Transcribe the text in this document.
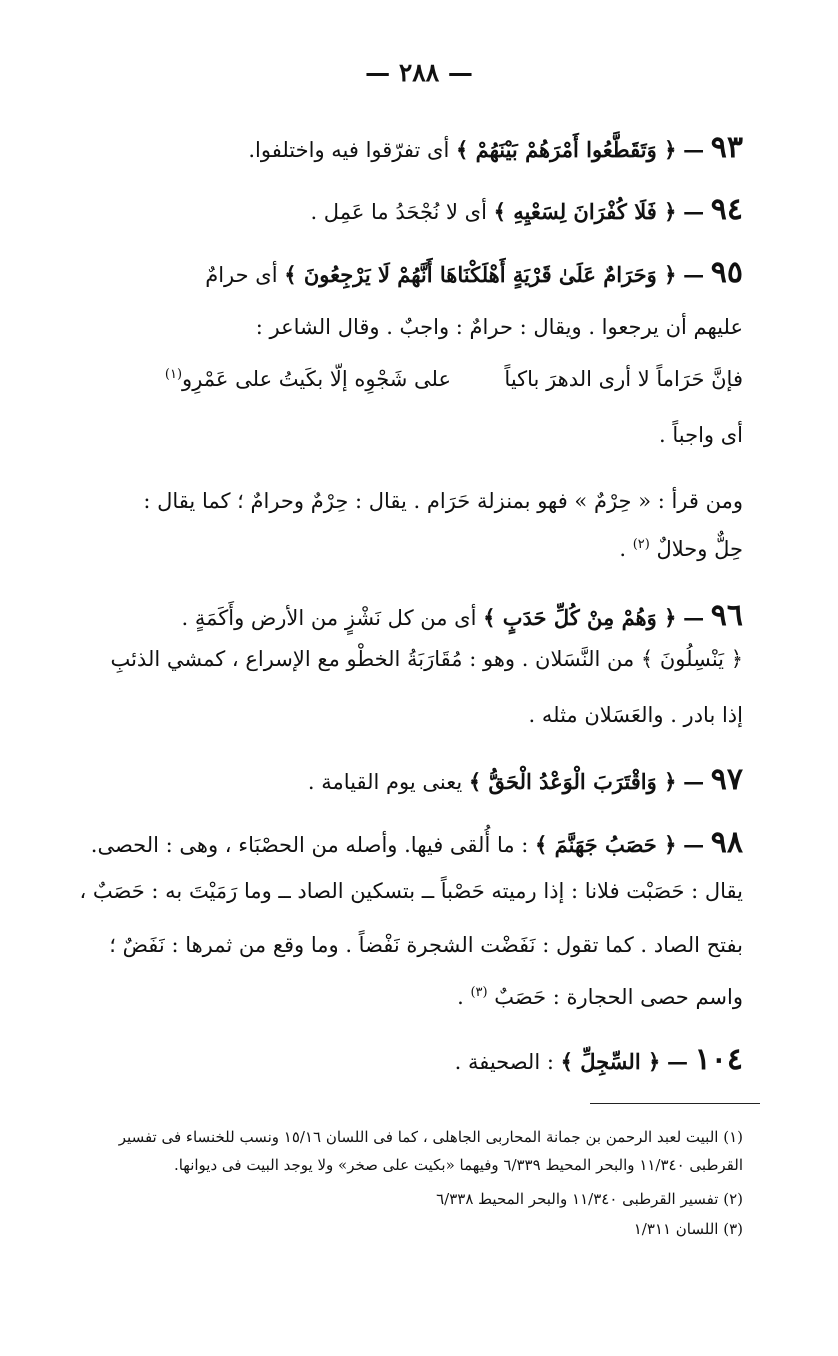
— ٢٨٨ —
٩٣ — ﴿ وَتَقَطَّعُوا أَمْرَهُمْ بَيْنَهُمْ ﴾ أى تفرّقوا فيه واختلفوا.
٩٤ — ﴿ فَلَا كُفْرَانَ لِسَعْيِهِ ﴾ أى لا نُجْحَدُ ما عَمِل .
٩٥ — ﴿ وَحَرَامٌ عَلَىٰ قَرْيَةٍ أَهْلَكْنَاهَا أَنَّهُمْ لَا يَرْجِعُونَ ﴾ أى حرامٌ
عليهم أن يرجعوا . ويقال : حرامٌ : واجبٌ . وقال الشاعر :
فإنَّ حَرَاماً لا أرى الدهرَ باكياً        على شَجْوِه إلّا بكَيتُ على عَمْرِو$^{(١)}$
أى واجباً .
ومن قرأ : « حِرْمٌ » فهو بمنزلة حَرَام . يقال : حِرْمٌ وحرامٌ ؛ كما يقال :
حِلٌّ وحلالٌ $^{(٢)}$ .
٩٦ — ﴿ وَهُمْ مِنْ كُلِّ حَدَبٍ ﴾ أى من كل نَشْزٍ من الأرض وأَكَمَةٍ .
﴿ يَنْسِلُونَ ﴾ من النَّسَلان . وهو : مُقَارَبَةُ الخطْو مع الإسراع ، كمشي الذئبِ
إذا بادر . والعَسَلان مثله .
٩٧ — ﴿ وَاقْتَرَبَ الْوَعْدُ الْحَقُّ ﴾ يعنى يوم القيامة .
٩٨ — ﴿ حَصَبُ جَهَنَّمَ ﴾ : ما أُلقى فيها. وأصله من الحصْبَاء ، وهى : الحصى.
يقال : حَصَبْت فلانا : إذا رميته حَصْباً ــ بتسكين الصاد ــ وما رَمَيْتَ به : حَصَبٌ ،
بفتح الصاد . كما تقول : نَفَضْت الشجرة نَفْضاً . وما وقع من ثمرها : نَفَضٌ ؛
واسم حصى الحجارة : حَصَبٌ $^{(٣)}$ .
١٠٤ — ﴿ السِّجِلِّ ﴾ : الصحيفة .
(١) البيت لعبد الرحمن بن جمانة المحاربى الجاهلى ، كما فى اللسان ١٥/١٦ ونسب للخنساء فى تفسير
القرطبى ١١/٣٤٠ والبحر المحيط ٦/٣٣٩ وفيهما «بكيت على صخر» ولا يوجد البيت فى ديوانها.
(٢) تفسير القرطبى ١١/٣٤٠ والبحر المحيط ٦/٣٣٨
(٣) اللسان ١/٣١١
